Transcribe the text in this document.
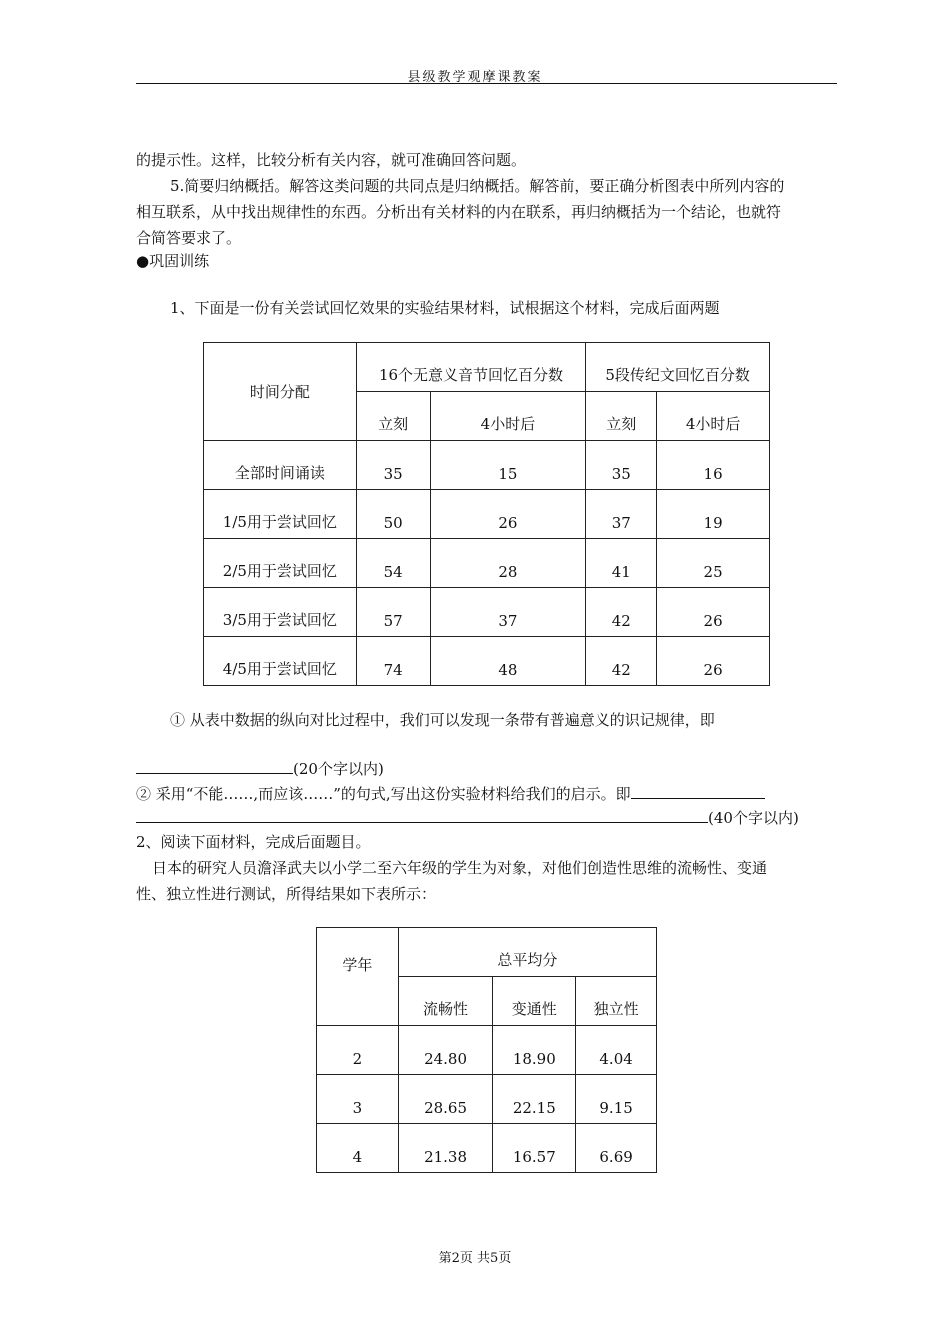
县级教学观摩课教案
的提示性。这样，比较分析有关内容，就可准确回答问题。
5.简要归纳概括。解答这类问题的共同点是归纳概括。解答前，要正确分析图表中所列内容的
相互联系，从中找出规律性的东西。分析出有关材料的内在联系，再归纳概括为一个结论，也就符
合简答要求了。
●巩固训练
1、下面是一份有关尝试回忆效果的实验结果材料，试根据这个材料，完成后面两题
时间分配	16个无意义音节回忆百分数		5段传纪文回忆百分数	
	立刻	4小时后	立刻	4小时后
全部时间诵读	35	15	35	16
1/5用于尝试回忆	50	26	37	19
2/5用于尝试回忆	54	28	41	25
3/5用于尝试回忆	57	37	42	26
4/5用于尝试回忆	74	48	42	26
① 从表中数据的纵向对比过程中，我们可以发现一条带有普遍意义的识记规律，即
(20个字以内)
② 采用“不能……,而应该……”的句式,写出这份实验材料给我们的启示。即
(40个字以内)
2、阅读下面材料，完成后面题目。
日本的研究人员澹泽武夫以小学二至六年级的学生为对象，对他们创造性思维的流畅性、变通
性、独立性进行测试，所得结果如下表所示：
学年	总平均分		
	流畅性	变通性	独立性
2	24.80	18.90	4.04
3	28.65	22.15	9.15
4	21.38	16.57	6.69
第2页 共5页
